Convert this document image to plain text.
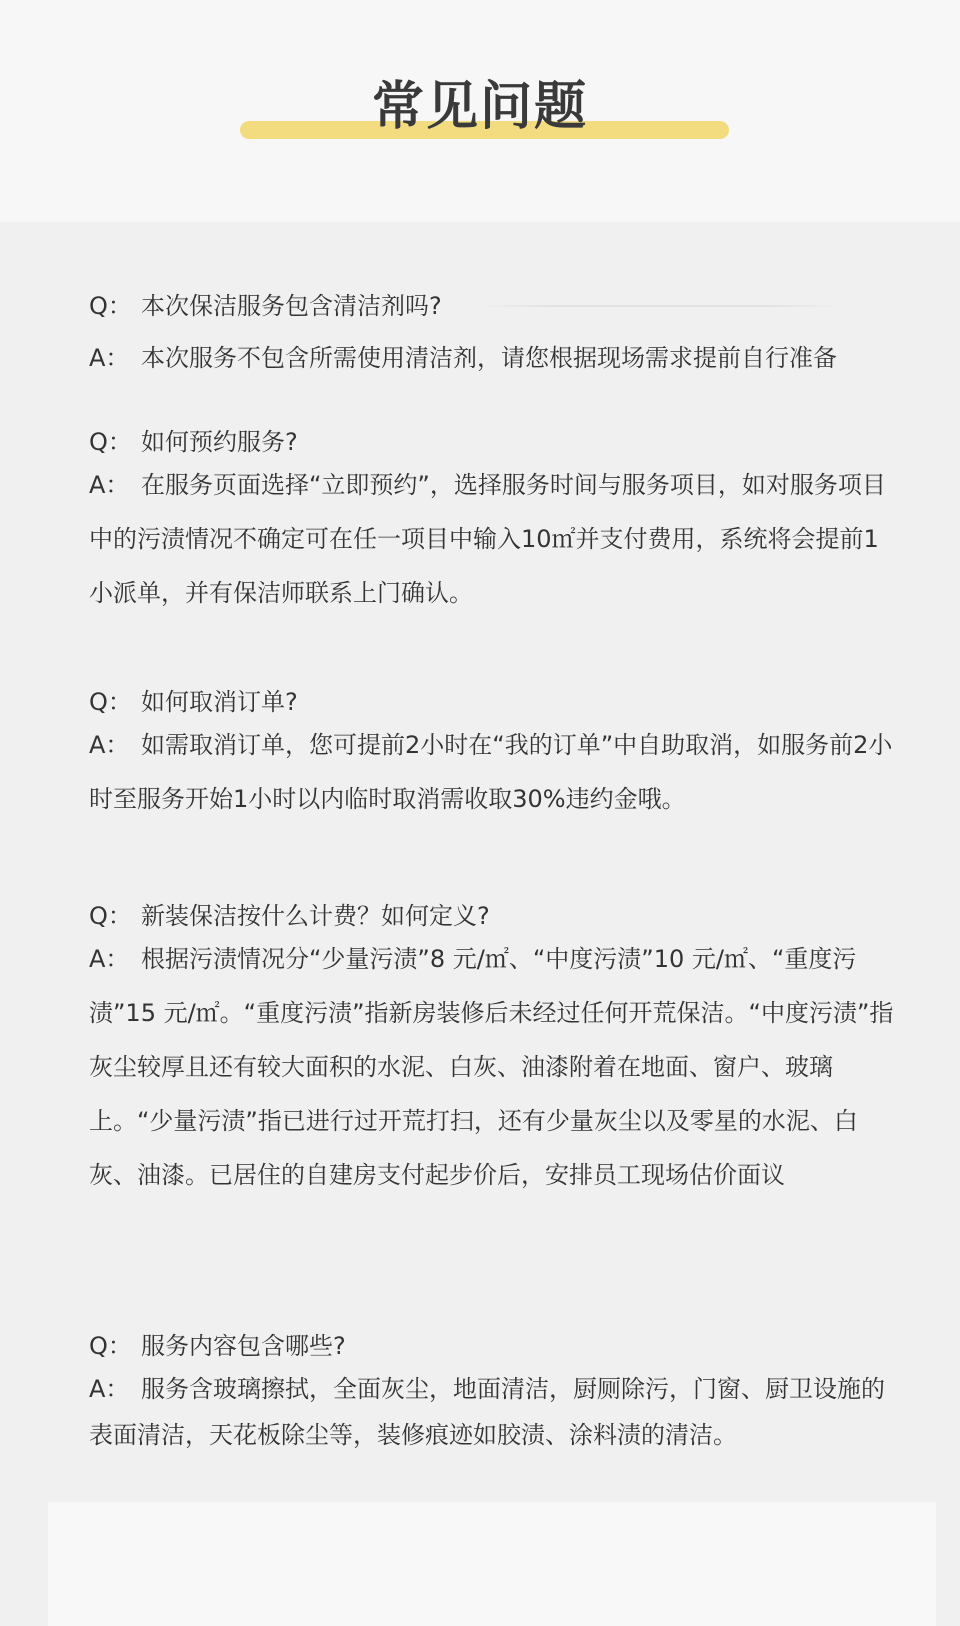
常见问题
Q： 本次保洁服务包含清洁剂吗?
A： 本次服务不包含所需使用清洁剂，请您根据现场需求提前自行准备
Q： 如何预约服务?
A： 在服务页面选择“立即预约”，选择服务时间与服务项目，如对服务项目中的污渍情况不确定可在任一项目中输入10㎡并支付费用，系统将会提前1小派单，并有保洁师联系上门确认。
Q： 如何取消订单?
A： 如需取消订单，您可提前2小时在“我的订单”中自助取消，如服务前2小时至服务开始1小时以内临时取消需收取30%违约金哦。
Q： 新装保洁按什么计费？如何定义?
A： 根据污渍情况分“少量污渍”8 元/㎡、“中度污渍”10 元/㎡、“重度污渍”15 元/㎡。“重度污渍”指新房装修后未经过任何开荒保洁。“中度污渍”指灰尘较厚且还有较大面积的水泥、白灰、油漆附着在地面、窗户、玻璃上。“少量污渍”指已进行过开荒打扫，还有少量灰尘以及零星的水泥、白灰、油漆。已居住的自建房支付起步价后，安排员工现场估价面议
Q： 服务内容包含哪些?
A： 服务含玻璃擦拭，全面灰尘，地面清洁，厨厕除污，门窗、厨卫设施的表面清洁，天花板除尘等，装修痕迹如胶渍、涂料渍的清洁。
